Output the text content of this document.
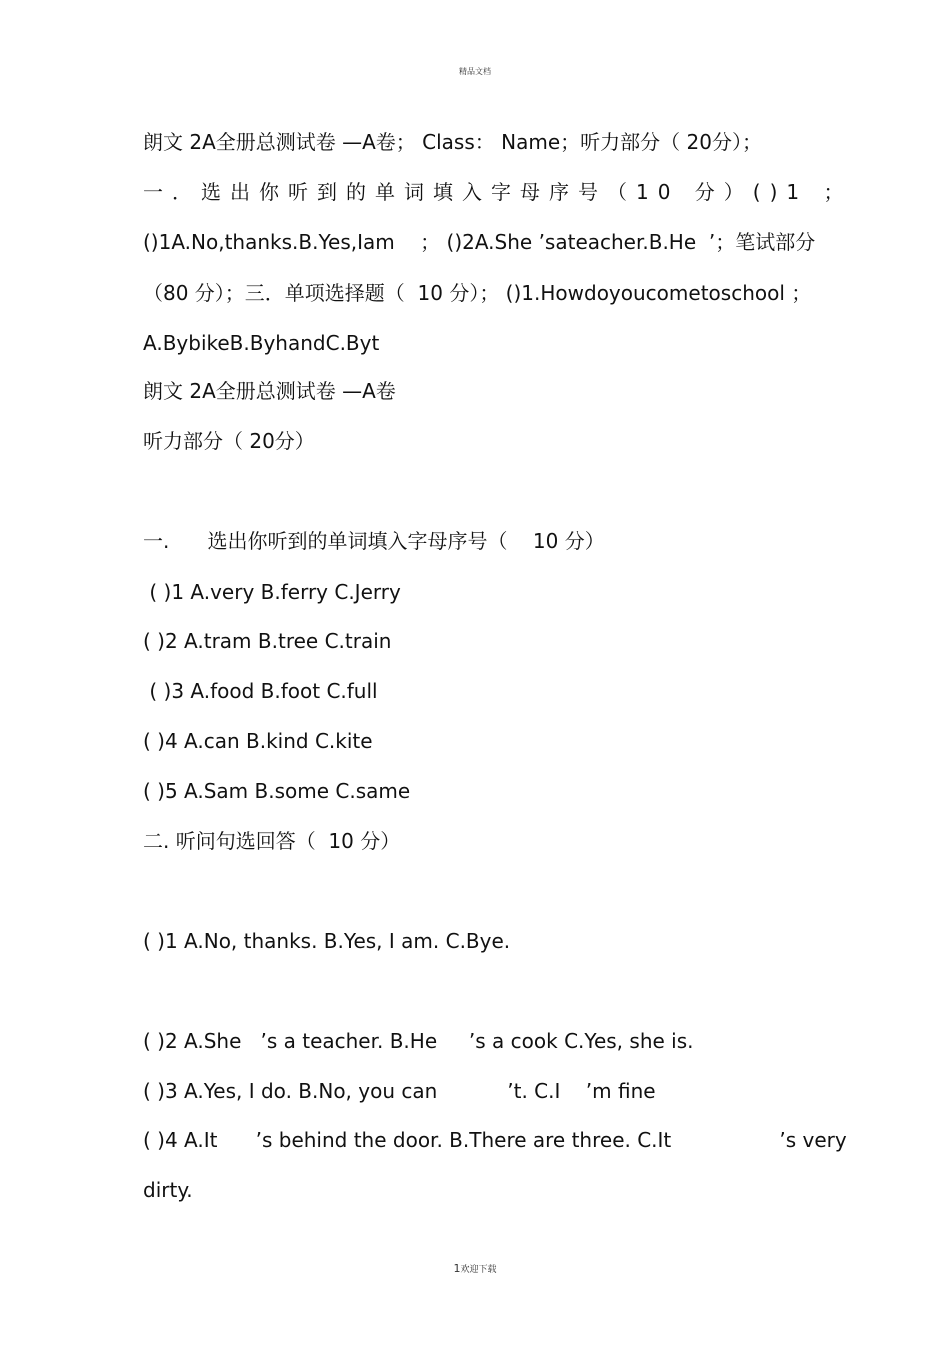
精品文档
朗文 2A全册总测试卷 —A卷； Class： Name；听力部分（ 20分）；
一．选出你听到的单词填入字母序号（10 分）()1 ；
()1A.No,thanks.B.Yes,Iam    ； ()2A.She ’sateacher.B.He  ’；笔试部分
（80 分）；三．单项选择题（  10 分）； ()1.Howdoyoucometoschool ；
A.BybikeB.ByhandC.Byt
朗文 2A全册总测试卷 —A卷
听力部分（ 20分）
一.      选出你听到的单词填入字母序号（    10 分）
( )1 A.very B.ferry C.Jerry
( )2 A.tram B.tree C.train
( )3 A.food B.foot C.full
( )4 A.can B.kind C.kite
( )5 A.Sam B.some C.same
二. 听问句选回答（  10 分）
( )1 A.No, thanks. B.Yes, I am. C.Bye.
( )2 A.She   ’s a teacher. B.He     ’s a cook C.Yes, she is.
( )3 A.Yes, I do. B.No, you can           ’t. C.I    ’m fine
( )4 A.It      ’s behind the door. B.There are three. C.It                 ’s very
dirty.
1欢迎下载
